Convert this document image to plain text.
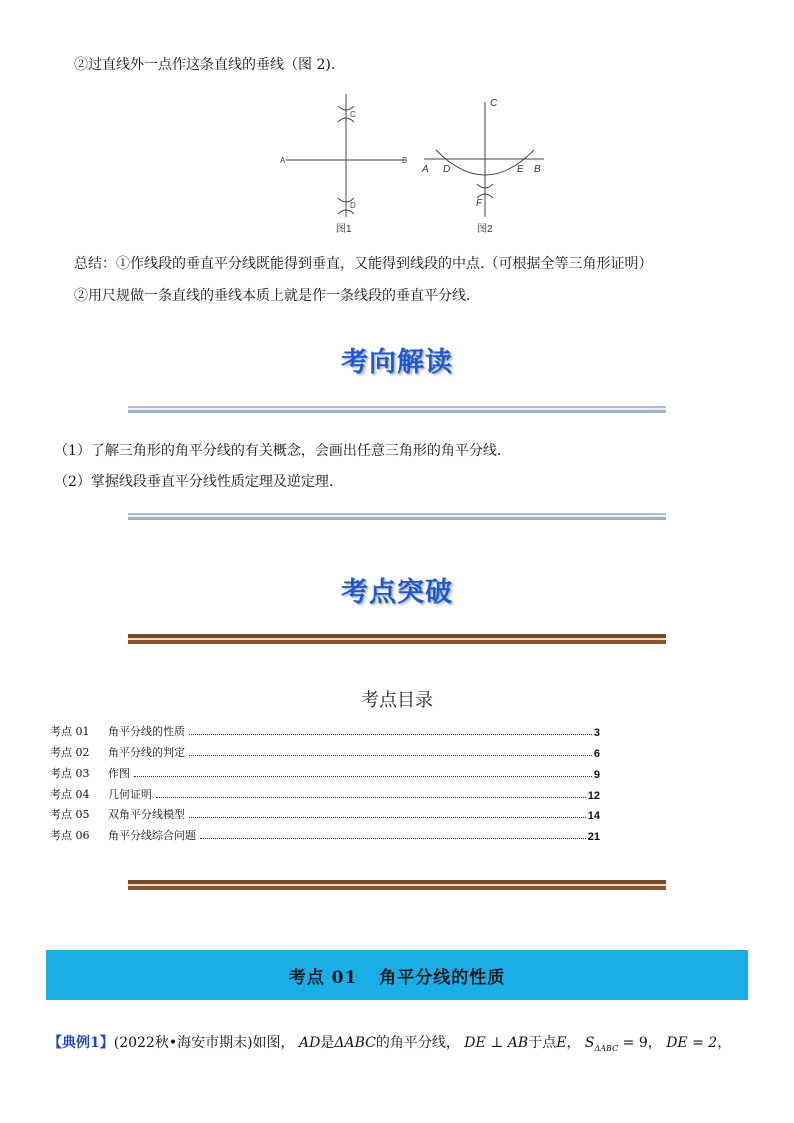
②过直线外一点作这条直线的垂线（图 2).
A	B
C
D
图1
C
A D	E B
F
图2
总结：①作线段的垂直平分线既能得到垂直，又能得到线段的中点.（可根据全等三角形证明）
②用尺规做一条直线的垂线本质上就是作一条线段的垂直平分线.
考向解读
（1）了解三角形的角平分线的有关概念，会画出任意三角形的角平分线.
（2）掌握线段垂直平分线性质定理及逆定理.
考点突破
考点目录
考点 01	角平分线的性质	3
考点 02	角平分线的判定	6
考点 03	作图	9
考点 04	几何证明	12
考点 05	双角平分线模型	14
考点 06	角平分线综合问题	21
考点 01 角平分线的性质
【典例1】(2022秋•海安市期末)如图， AD是ΔABC的角平分线， DE ⊥ AB于点E， $S_{\Delta ABC} = 9$， DE = 2，
